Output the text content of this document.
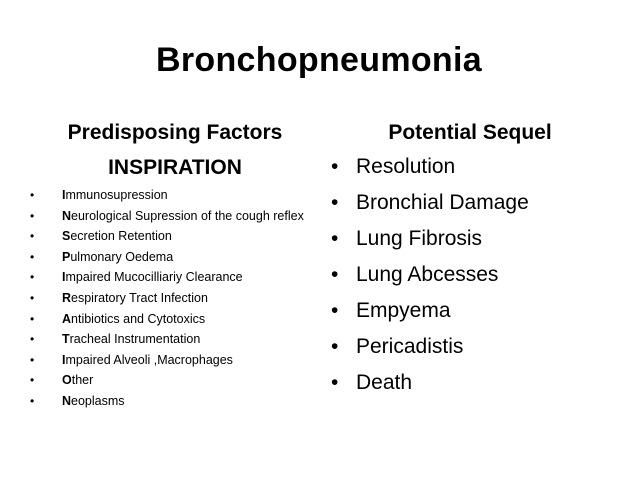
Bronchopneumonia
Predisposing Factors
INSPIRATION
• Immunosupression
• Neurological Supression of the cough reflex
• Secretion Retention
• Pulmonary Oedema
• Impaired Mucocilliariy Clearance
• Respiratory Tract Infection
• Antibiotics and Cytotoxics
• Tracheal Instrumentation
• Impaired Alveoli ,Macrophages
• Other
• Neoplasms
Potential Sequel
• Resolution
• Bronchial Damage
• Lung Fibrosis
• Lung Abcesses
• Empyema
• Pericadistis
• Death
